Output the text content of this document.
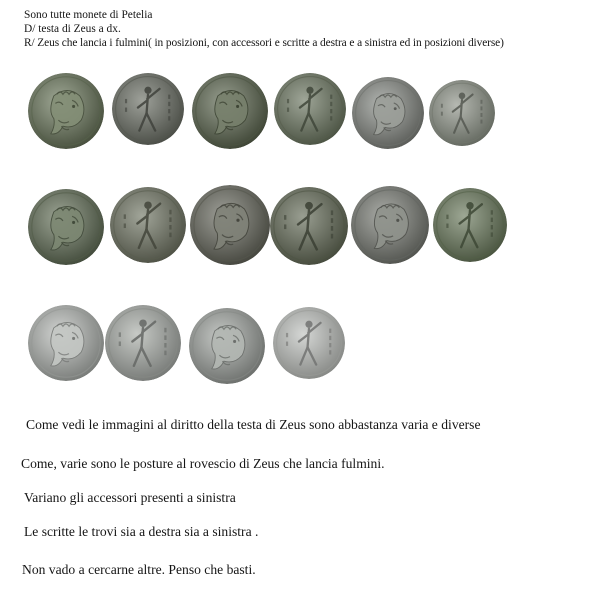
Sono tutte monete di Petelia
D/ testa di Zeus a dx.
R/ Zeus che lancia i fulmini( in posizioni, con accessori e scritte a destra e a sinistra ed in posizioni diverse)
Come vedi le immagini al diritto della testa di Zeus sono abbastanza varia e diverse
Come, varie sono le posture al rovescio di Zeus che lancia fulmini.
Variano gli accessori presenti a sinistra
Le scritte le trovi sia a destra sia a sinistra .
Non vado a cercarne altre. Penso che basti.
